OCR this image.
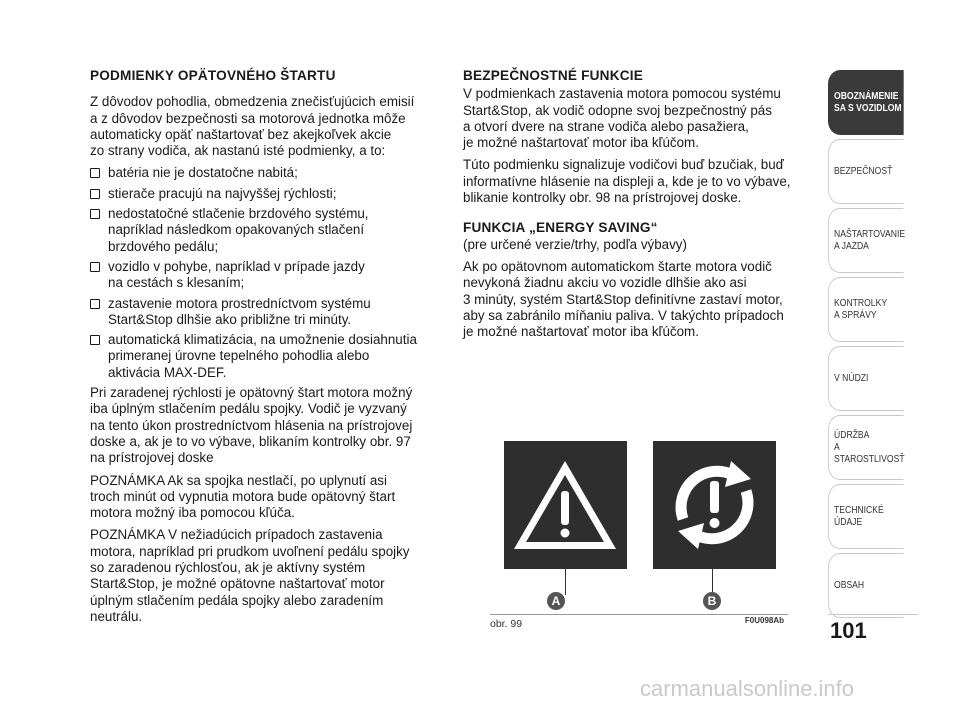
PODMIENKY OPÄTOVNÉHO ŠTARTU

Z dôvodov pohodlia, obmedzenia znečisťujúcich emisií
a z dôvodov bezpečnosti sa motorová jednotka môže
automaticky opäť naštartovať bez akejkoľvek akcie
zo strany vodiča, ak nastanú isté podmienky, a to:

batéria nie je dostatočne nabitá;
stierače pracujú na najvyššej rýchlosti;
nedostatočné stlačenie brzdového systému,
napríklad následkom opakovaných stlačení
brzdového pedálu;
vozidlo v pohybe, napríklad v prípade jazdy
na cestách s klesaním;
zastavenie motora prostredníctvom systému
Start&Stop dlhšie ako približne tri minúty.
automatická klimatizácia, na umožnenie dosiahnutia
primeranej úrovne tepelného pohodlia alebo
aktivácia MAX-DEF.

Pri zaradenej rýchlosti je opätovný štart motora možný
iba úplným stlačením pedálu spojky. Vodič je vyzvaný
na tento úkon prostredníctvom hlásenia na prístrojovej
doske a, ak je to vo výbave, blikaním kontrolky obr. 97
na prístrojovej doske

POZNÁMKA Ak sa spojka nestlačí, po uplynutí asi
troch minút od vypnutia motora bude opätovný štart
motora možný iba pomocou kľúča.

POZNÁMKA V nežiadúcich prípadoch zastavenia
motora, napríklad pri prudkom uvoľnení pedálu spojky
so zaradenou rýchlosťou, ak je aktívny systém
Start&Stop, je možné opätovne naštartovať motor
úplným stlačením pedála spojky alebo zaradením
neutrálu.

BEZPEČNOSTNÉ FUNKCIE

V podmienkach zastavenia motora pomocou systému
Start&Stop, ak vodič odopne svoj bezpečnostný pás
a otvorí dvere na strane vodiča alebo pasažiera,
je možné naštartovať motor iba kľúčom.

Túto podmienku signalizuje vodičovi buď bzučiak, buď
informatívne hlásenie na displeji a, kde je to vo výbave,
blikanie kontrolky obr. 98 na prístrojovej doske.

FUNKCIA „ENERGY SAVING“

(pre určené verzie/trhy, podľa výbavy)

Ak po opätovnom automatickom štarte motora vodič
nevykoná žiadnu akciu vo vozidle dlhšie ako asi
3 minúty, systém Start&Stop definitívne zastaví motor,
aby sa zabránilo míňaniu paliva. V takýchto prípadoch
je možné naštartovať motor iba kľúčom.

A	B
obr. 99	F0U098Ab
OBOZNÁMENIE
SA S VOZIDLOM
BEZPEČNOSŤ
NAŠTARTOVANIE
A JAZDA
KONTROLKY
A SPRÁVY
V NÚDZI
ÚDRŽBA
A STAROSTLIVOSŤ
TECHNICKÉ
ÚDAJE
OBSAH
101
carmanualsonline.info
